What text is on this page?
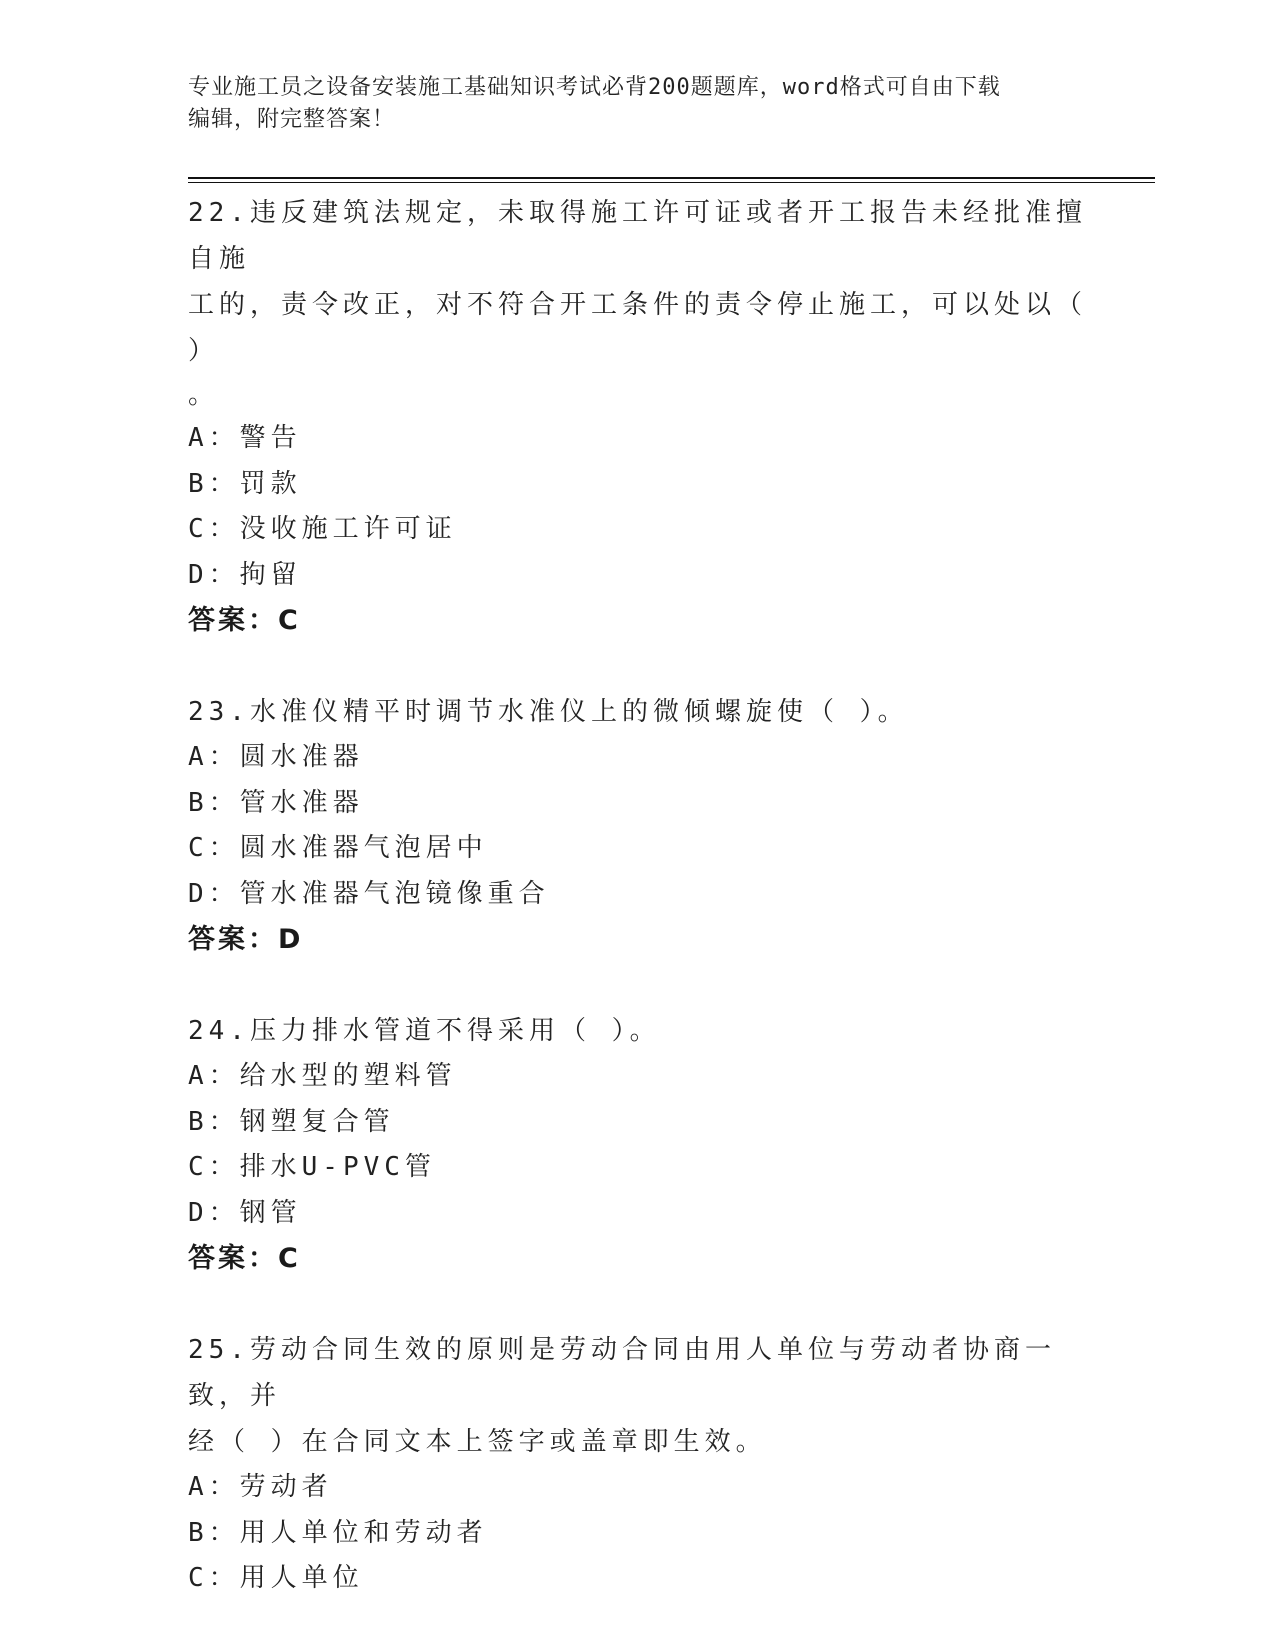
专业施工员之设备安装施工基础知识考试必背200题题库，word格式可自由下载
编辑，附完整答案！

22.违反建筑法规定，未取得施工许可证或者开工报告未经批准擅自施

工的，责令改正，对不符合开工条件的责令停止施工，可以处以（ ）

。

A：警告

B：罚款

C：没收施工许可证

D：拘留

答案：C

23.水准仪精平时调节水准仪上的微倾螺旋使（ ）。

A：圆水准器

B：管水准器

C：圆水准器气泡居中

D：管水准器气泡镜像重合

答案：D

24.压力排水管道不得采用（ ）。

A：给水型的塑料管

B：钢塑复合管

C：排水U-PVC管

D：钢管

答案：C

25.劳动合同生效的原则是劳动合同由用人单位与劳动者协商一致，并

经（ ）在合同文本上签字或盖章即生效。

A：劳动者

B：用人单位和劳动者

C：用人单位
